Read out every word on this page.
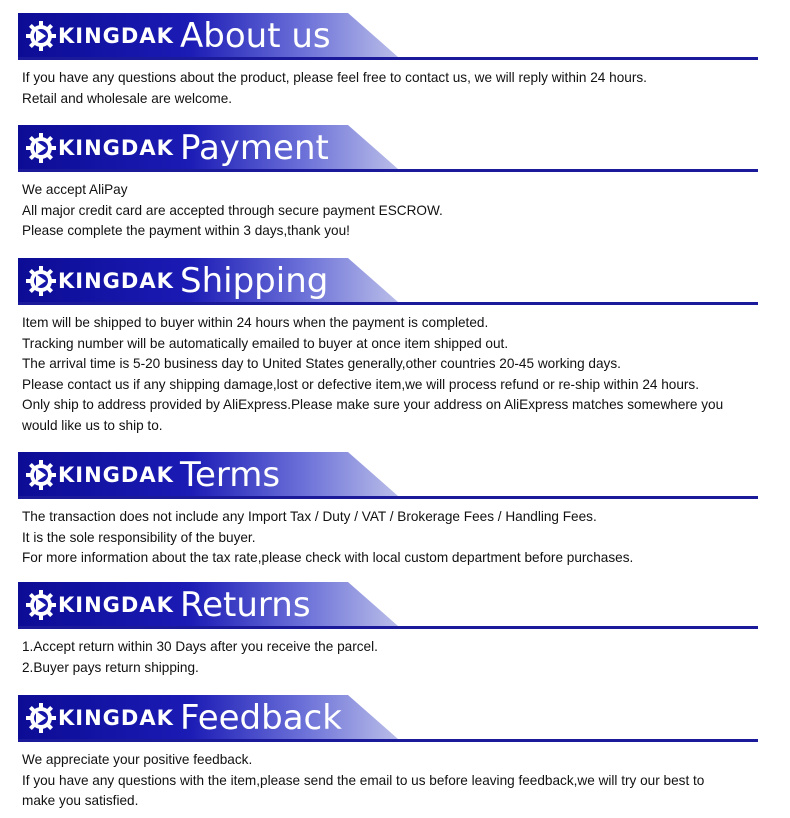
KINGDAK About us

If you have any questions about the product, please feel free to contact us, we will reply within 24 hours.

Retail and wholesale are welcome.

KINGDAK Payment

We accept AliPay

All major credit card are accepted through secure payment ESCROW.

Please complete the payment within 3 days,thank you!

KINGDAK Shipping

Item will be shipped to buyer within 24 hours when the payment is completed.

Tracking number will be automatically emailed to buyer at once item shipped out.

The arrival time is 5-20 business day to United States generally,other countries 20-45 working days.

Please contact us if any shipping damage,lost or defective item,we will process refund or re-ship within 24 hours.

Only ship to address provided by AliExpress.Please make sure your address on AliExpress matches somewhere you

would like us to ship to.

KINGDAK Terms

The transaction does not include any Import Tax / Duty / VAT / Brokerage Fees / Handling Fees.

It is the sole responsibility of the buyer.

For more information about the tax rate,please check with local custom department before purchases.

KINGDAK Returns

1.Accept return within 30 Days after you receive the parcel.

2.Buyer pays return shipping.

KINGDAK Feedback

We appreciate your positive feedback.

If you have any questions with the item,please send the email to us before leaving feedback,we will try our best to

make you satisfied.
